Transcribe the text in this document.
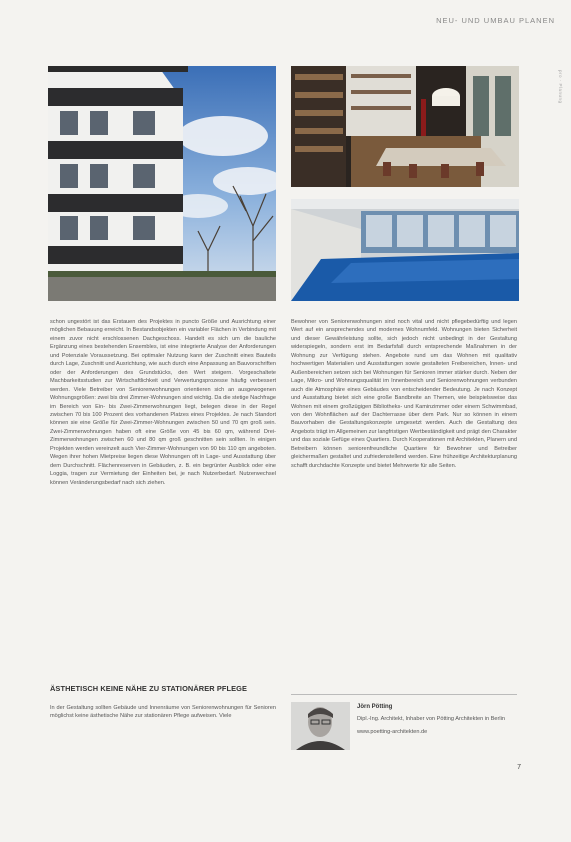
NEU- UND UMBAU PLANEN
pro · Planung

schon ungestört ist das Erstauen des Projektes in puncto Größe und Ausrichtung einer möglichen Bebauung erreicht. In Bestandsobjekten ein variabler Flächen in Verbindung mit einem zuvor nicht erschlossenen Dachgeschoss. Handelt es sich um die bauliche Ergänzung eines bestehenden Ensembles, ist eine integrierte Analyse der Anforderungen und Potenziale Voraussetzung. Bei optimaler Nutzung kann der Zuschnitt eines Bauteils durch Lage, Zuschnitt und Ausrichtung, wie auch durch eine Anpassung an Bauvorschriften oder der Anforderungen des Grundstücks, den Wert steigern. Vorgeschaltete Machbarkeitsstudien zur Wirtschaftlichkeit und Verwertungsprozesse häufig verbessert werden. Viele Betreiber von Seniorenwohnungen orientieren sich an ausgewogenen Wohnungsgrößen: zwei bis drei Zimmer-Wohnungen sind wichtig. Da die stetige Nachfrage im Bereich von Ein- bis Zwei-Zimmerwohnungen liegt, belegen diese in der Regel zwischen 70 bis 100 Prozent des vorhandenen Platzes eines Projektes. Je nach Standort können sie eine Größe für Zwei-Zimmer-Wohnungen zwischen 50 und 70 qm groß sein. Zwei-Zimmerwohnungen haben oft eine Größe von 45 bis 60 qm, während Drei-Zimmerwohnungen zwischen 60 und 80 qm groß geschnitten sein sollten. In einigen Projekten werden vereinzelt auch Vier-Zimmer-Wohnungen von 90 bis 110 qm angeboten. Wegen ihrer hohen Mietpreise liegen diese Wohnungen oft in Lage- und Ausstattung über dem Durchschnitt. Flächenreserven in Gebäuden, z. B. ein begrünter Ausblick oder eine Loggia, tragen zur Vermietung der Einheiten bei, je nach Nutzerbedarf. Nutzerwechsel können Veränderungsbedarf nach sich ziehen.

ÄSTHETISCH KEINE NÄHE ZU STATIONÄRER PFLEGE

In der Gestaltung sollten Gebäude und Innenräume von Seniorenwohnungen für Senioren möglichst keine ästhetische Nähe zur stationären Pflege aufweisen. Viele

Bewohner von Seniorenwohnungen sind noch vital und nicht pflegebedürftig und legen Wert auf ein ansprechendes und modernes Wohnumfeld. Wohnungen bieten Sicherheit und dieser Gewährleistung sollte, sich jedoch nicht unbedingt in der Gestaltung widerspiegeln, sondern erst im Bedarfsfall durch entsprechende Maßnahmen in der Wohnung zur Verfügung stehen. Angebote rund um das Wohnen mit qualitativ hochwertigen Materialien und Ausstattungen sowie gestalteten Freibereichen, Innen- und Außenbereichen setzen sich bei Wohnungen für Senioren immer stärker durch. Neben der Lage, Mikro- und Wohnungsqualität im Innenbereich und Seniorenwohnungen verbunden auch die Atmosphäre eines Gebäudes von entscheidender Bedeutung. Je nach Konzept und Ausstattung bietet sich eine große Bandbreite an Themen, wie beispielsweise das Wohnen mit einem großzügigen Bibliotheks- und Kaminzimmer oder einem Schwimmbad, von den Wohnflächen auf der Dachterrasse über dem Park. Nur so können in einem Bauvorhaben die Gestaltungskonzepte umgesetzt werden. Auch die Gestaltung des Angebots trägt im Allgemeinen zur langfristigen Wertbeständigkeit und prägt den Charakter und das soziale Gefüge eines Quartiers. Durch Kooperationen mit Architekten, Planern und Betreibern können seniorenfreundliche Quartiere für Bewohner und Betreiber gleichermaßen gestaltet und zufriedenstellend werden. Eine frühzeitige Architekturplanung schafft durchdachte Konzepte und bietet Mehrwerte für alle Seiten.

Jörn Pötting
Dipl.-Ing. Architekt, Inhaber von Pötting Architekten in Berlin
www.poetting-architekten.de
7
